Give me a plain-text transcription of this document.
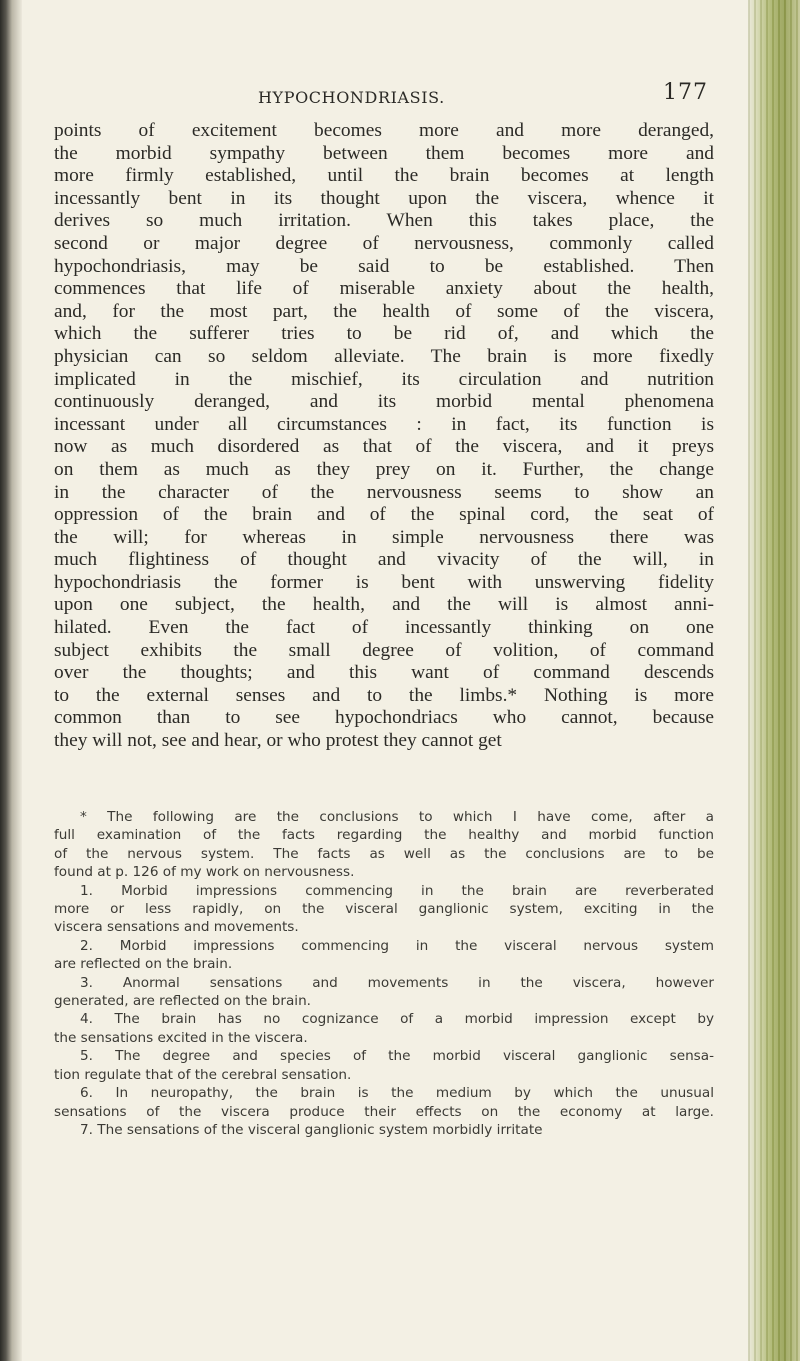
HYPOCHONDRIASIS.	177
points of excitement becomes more and more deranged,
the morbid sympathy between them becomes more and
more firmly established, until the brain becomes at length
incessantly bent in its thought upon the viscera, whence it
derives so much irritation. When this takes place, the
second or major degree of nervousness, commonly called
hypochondriasis, may be said to be established. Then
commences that life of miserable anxiety about the health,
and, for the most part, the health of some of the viscera,
which the sufferer tries to be rid of, and which the
physician can so seldom alleviate. The brain is more fixedly
implicated in the mischief, its circulation and nutrition
continuously deranged, and its morbid mental phenomena
incessant under all circumstances : in fact, its function is
now as much disordered as that of the viscera, and it preys
on them as much as they prey on it. Further, the change
in the character of the nervousness seems to show an
oppression of the brain and of the spinal cord, the seat of
the will; for whereas in simple nervousness there was
much flightiness of thought and vivacity of the will, in
hypochondriasis the former is bent with unswerving fidelity
upon one subject, the health, and the will is almost anni-
hilated. Even the fact of incessantly thinking on one
subject exhibits the small degree of volition, of command
over the thoughts; and this want of command descends
to the external senses and to the limbs.* Nothing is more
common than to see hypochondriacs who cannot, because
they will not, see and hear, or who protest they cannot get
* The following are the conclusions to which I have come, after a
full examination of the facts regarding the healthy and morbid function
of the nervous system. The facts as well as the conclusions are to be
found at p. 126 of my work on nervousness.
1. Morbid impressions commencing in the brain are reverberated
more or less rapidly, on the visceral ganglionic system, exciting in the
viscera sensations and movements.
2. Morbid impressions commencing in the visceral nervous system
are reflected on the brain.
3. Anormal sensations and movements in the viscera, however
generated, are reflected on the brain.
4. The brain has no cognizance of a morbid impression except by
the sensations excited in the viscera.
5. The degree and species of the morbid visceral ganglionic sensa-
tion regulate that of the cerebral sensation.
6. In neuropathy, the brain is the medium by which the unusual
sensations of the viscera produce their effects on the economy at large.
7. The sensations of the visceral ganglionic system morbidly irritate
